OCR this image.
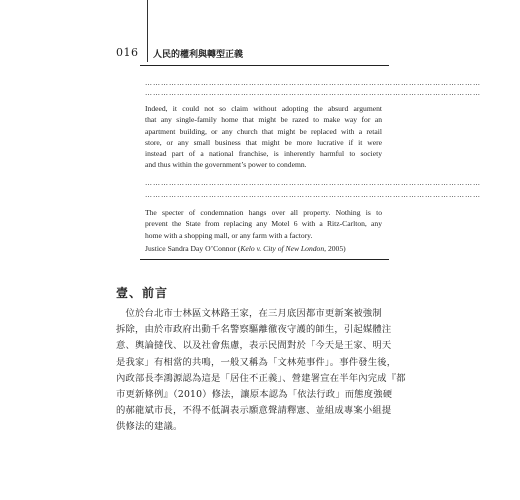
016 人民的權利與轉型正義
………………………………………………………………………………………………………………
………………………………………………………………………………………………………………
Indeed, it could not so claim without adopting the absurd argument
that any single-family home that might be razed to make way for an
apartment building, or any church that might be replaced with a retail
store, or any small business that might be more lucrative if it were
instead part of a national franchise, is inherently harmful to society
and thus within the government’s power to condemn.
………………………………………………………………………………………………………………
………………………………………………………………………………………………………………
The specter of condemnation hangs over all property. Nothing is to
prevent the State from replacing any Motel 6 with a Ritz-Carlton, any
home with a shopping mall, or any farm with a factory.
Justice Sandra Day O’Connor (Kelo v. City of New London, 2005)
壹、前言
　位於台北市士林區文林路王家，在三月底因都市更新案被強制
拆除，由於市政府出動千名警察驅離徹夜守護的師生，引起媒體注
意、輿論撻伐、以及社會焦慮，表示民間對於「今天是王家、明天
是我家」有相當的共鳴，一般又稱為「文林苑事件」。事件發生後，
內政部長李鴻源認為這是「居住不正義」、營建署宣在半年內完成『都
市更新條例』（2010）修法，讓原本認為「依法行政」而態度強硬
的郝龍斌市長，不得不低調表示願意聲請釋憲、並組成專案小組提
供修法的建議。
